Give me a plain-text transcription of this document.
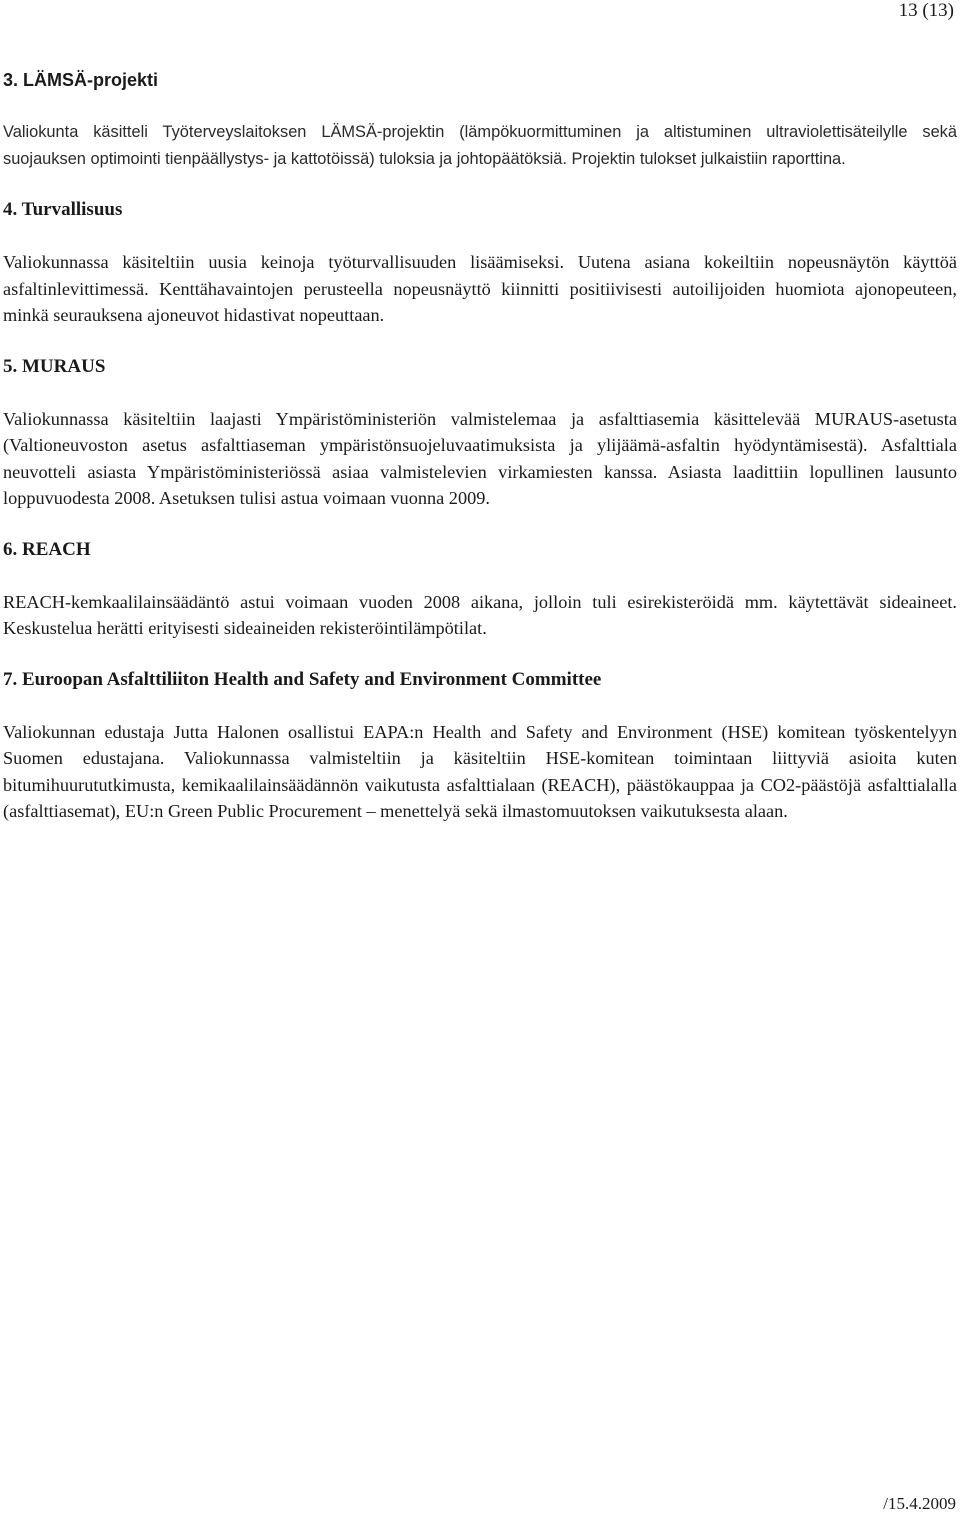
13 (13)
3. LÄMSÄ-projekti

Valiokunta käsitteli Työterveyslaitoksen LÄMSÄ-projektin (lämpökuormittuminen ja altistuminen ultraviolettisäteilylle sekä suojauksen optimointi tienpäällystys- ja kattotöissä) tuloksia ja johtopäätöksiä. Projektin tulokset julkaistiin raporttina.

4. Turvallisuus

Valiokunnassa käsiteltiin uusia keinoja työturvallisuuden lisäämiseksi. Uutena asiana kokeiltiin nopeusnäytön käyttöä asfaltinlevittimessä. Kenttähavaintojen perusteella nopeusnäyttö kiinnitti positiivisesti autoilijoiden huomiota ajonopeuteen, minkä seurauksena ajoneuvot hidastivat nopeuttaan.

5. MURAUS

Valiokunnassa käsiteltiin laajasti Ympäristöministeriön valmistelemaa ja asfalttiasemia käsittelevää MURAUS-asetusta (Valtioneuvoston asetus asfalttiaseman ympäristönsuojeluvaatimuksista ja ylijäämä-asfaltin hyödyntämisestä). Asfalttiala neuvotteli asiasta Ympäristöministeriössä asiaa valmistelevien virkamiesten kanssa. Asiasta laadittiin lopullinen lausunto loppuvuodesta 2008. Asetuksen tulisi astua voimaan vuonna 2009.

6. REACH

REACH-kemkaalilainsäädäntö astui voimaan vuoden 2008 aikana, jolloin tuli esirekisteröidä mm. käytettävät sideaineet. Keskustelua herätti erityisesti sideaineiden rekisteröintilämpötilat.

7. Euroopan Asfalttiliiton Health and Safety and Environment Committee

Valiokunnan edustaja Jutta Halonen osallistui EAPA:n Health and Safety and Environment (HSE) komitean työskentelyyn Suomen edustajana. Valiokunnassa valmisteltiin ja käsiteltiin HSE-komitean toimintaan liittyviä asioita kuten bitumihuurututkimusta, kemikaalilainsäädännön vaikutusta asfalttialaan (REACH), päästökauppaa ja CO2-päästöjä asfalttialalla (asfalttiasemat), EU:n Green Public Procurement – menettelyä sekä ilmastomuutoksen vaikutuksesta alaan.

/15.4.2009
